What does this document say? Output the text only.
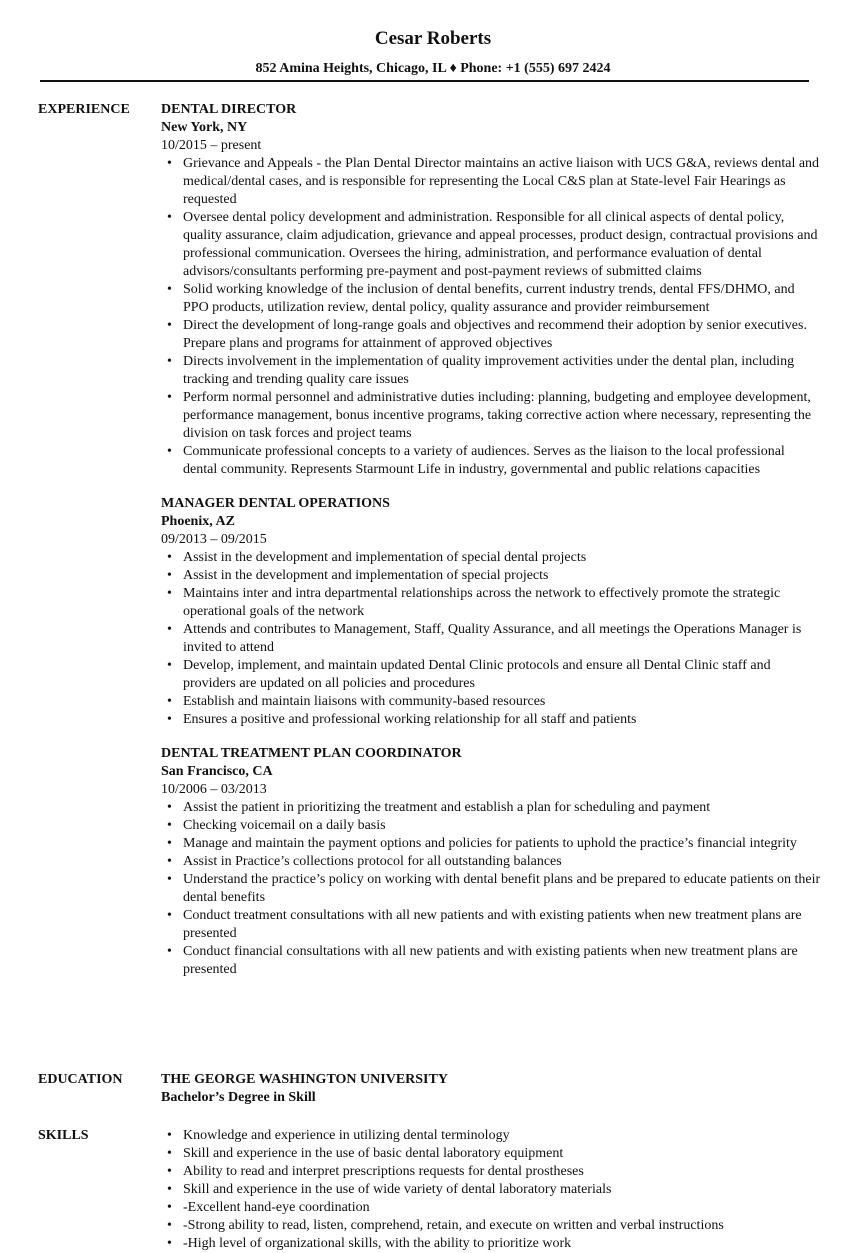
Cesar Roberts
852 Amina Heights, Chicago, IL ♦ Phone: +1 (555) 697 2424
EXPERIENCE DENTAL DIRECTOR
New York, NY
10/2015 – present
• Grievance and Appeals - the Plan Dental Director maintains an active liaison with UCS G&A, reviews dental and medical/dental cases, and is responsible for representing the Local C&S plan at State-level Fair Hearings as requested
• Oversee dental policy development and administration. Responsible for all clinical aspects of dental policy, quality assurance, claim adjudication, grievance and appeal processes, product design, contractual provisions and professional communication. Oversees the hiring, administration, and performance evaluation of dental advisors/consultants performing pre-payment and post-payment reviews of submitted claims
• Solid working knowledge of the inclusion of dental benefits, current industry trends, dental FFS/DHMO, and PPO products, utilization review, dental policy, quality assurance and provider reimbursement
• Direct the development of long-range goals and objectives and recommend their adoption by senior executives. Prepare plans and programs for attainment of approved objectives
• Directs involvement in the implementation of quality improvement activities under the dental plan, including tracking and trending quality care issues
• Perform normal personnel and administrative duties including: planning, budgeting and employee development, performance management, bonus incentive programs, taking corrective action where necessary, representing the division on task forces and project teams
• Communicate professional concepts to a variety of audiences. Serves as the liaison to the local professional dental community. Represents Starmount Life in industry, governmental and public relations capacities
MANAGER DENTAL OPERATIONS
Phoenix, AZ
09/2013 – 09/2015
• Assist in the development and implementation of special dental projects
• Assist in the development and implementation of special projects
• Maintains inter and intra departmental relationships across the network to effectively promote the strategic operational goals of the network
• Attends and contributes to Management, Staff, Quality Assurance, and all meetings the Operations Manager is invited to attend
• Develop, implement, and maintain updated Dental Clinic protocols and ensure all Dental Clinic staff and providers are updated on all policies and procedures
• Establish and maintain liaisons with community-based resources
• Ensures a positive and professional working relationship for all staff and patients
DENTAL TREATMENT PLAN COORDINATOR
San Francisco, CA
10/2006 – 03/2013
• Assist the patient in prioritizing the treatment and establish a plan for scheduling and payment
• Checking voicemail on a daily basis
• Manage and maintain the payment options and policies for patients to uphold the practice’s financial integrity
• Assist in Practice’s collections protocol for all outstanding balances
• Understand the practice’s policy on working with dental benefit plans and be prepared to educate patients on their dental benefits
• Conduct treatment consultations with all new patients and with existing patients when new treatment plans are presented
• Conduct financial consultations with all new patients and with existing patients when new treatment plans are presented
EDUCATION	THE GEORGE WASHINGTON UNIVERSITY
Bachelor’s Degree in Skill
SKILLS
•	Knowledge and experience in utilizing dental terminology
• Skill and experience in the use of basic dental laboratory equipment
• Ability to read and interpret prescriptions requests for dental prostheses
• Skill and experience in the use of wide variety of dental laboratory materials
• -Excellent hand-eye coordination
• -Strong ability to read, listen, comprehend, retain, and execute on written and verbal instructions
• -High level of organizational skills, with the ability to prioritize work
